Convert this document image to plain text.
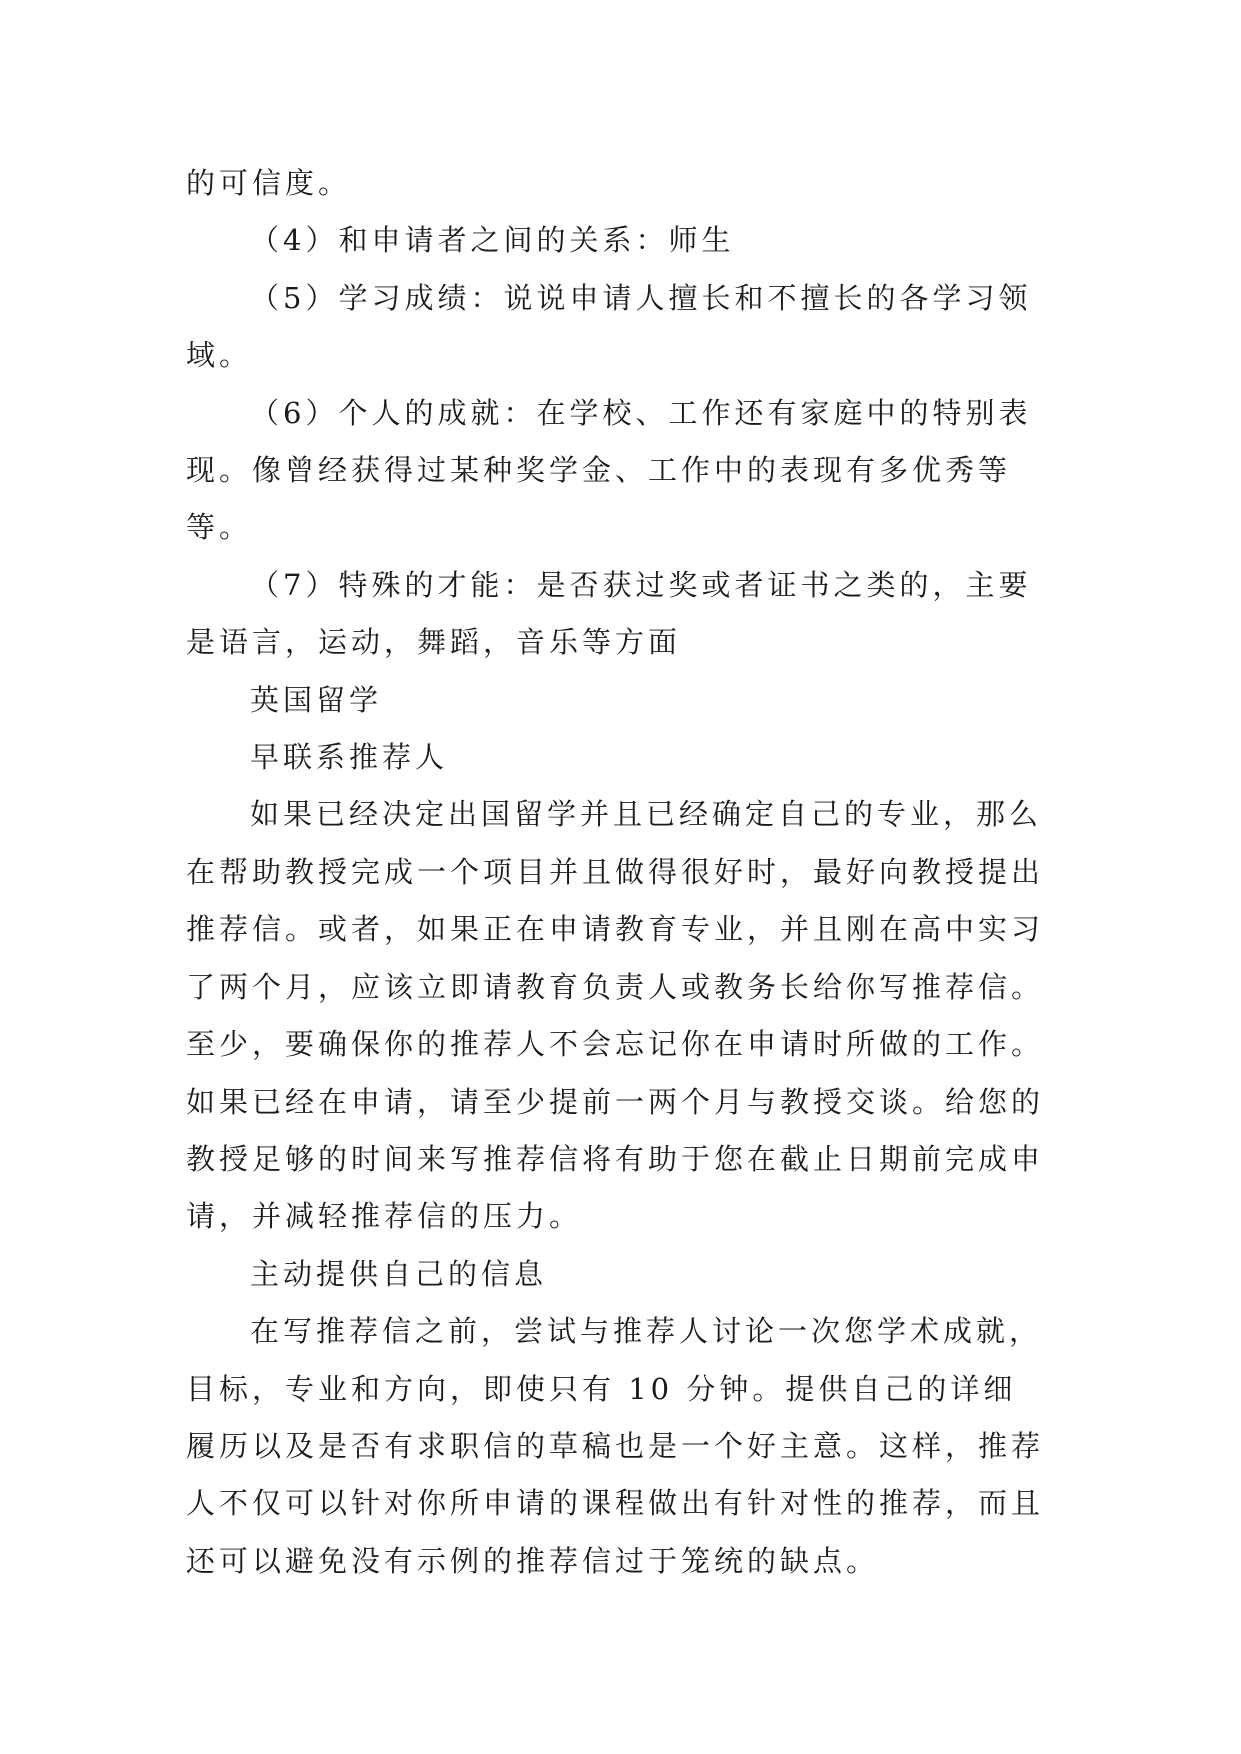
的可信度。

（4）和申请者之间的关系：师生

（5）学习成绩：说说申请人擅长和不擅长的各学习领域。

（6）个人的成就：在学校、工作还有家庭中的特别表现。像曾经获得过某种奖学金、工作中的表现有多优秀等等。

（7）特殊的才能：是否获过奖或者证书之类的，主要是语言，运动，舞蹈，音乐等方面

英国留学

早联系推荐人

如果已经决定出国留学并且已经确定自己的专业，那么在帮助教授完成一个项目并且做得很好时，最好向教授提出推荐信。或者，如果正在申请教育专业，并且刚在高中实习了两个月，应该立即请教育负责人或教务长给你写推荐信。至少，要确保你的推荐人不会忘记你在申请时所做的工作。如果已经在申请，请至少提前一两个月与教授交谈。给您的教授足够的时间来写推荐信将有助于您在截止日期前完成申请，并减轻推荐信的压力。

主动提供自己的信息

在写推荐信之前，尝试与推荐人讨论一次您学术成就，目标，专业和方向，即使只有 10 分钟。提供自己的详细履历以及是否有求职信的草稿也是一个好主意。这样，推荐人不仅可以针对你所申请的课程做出有针对性的推荐，而且还可以避免没有示例的推荐信过于笼统的缺点。
